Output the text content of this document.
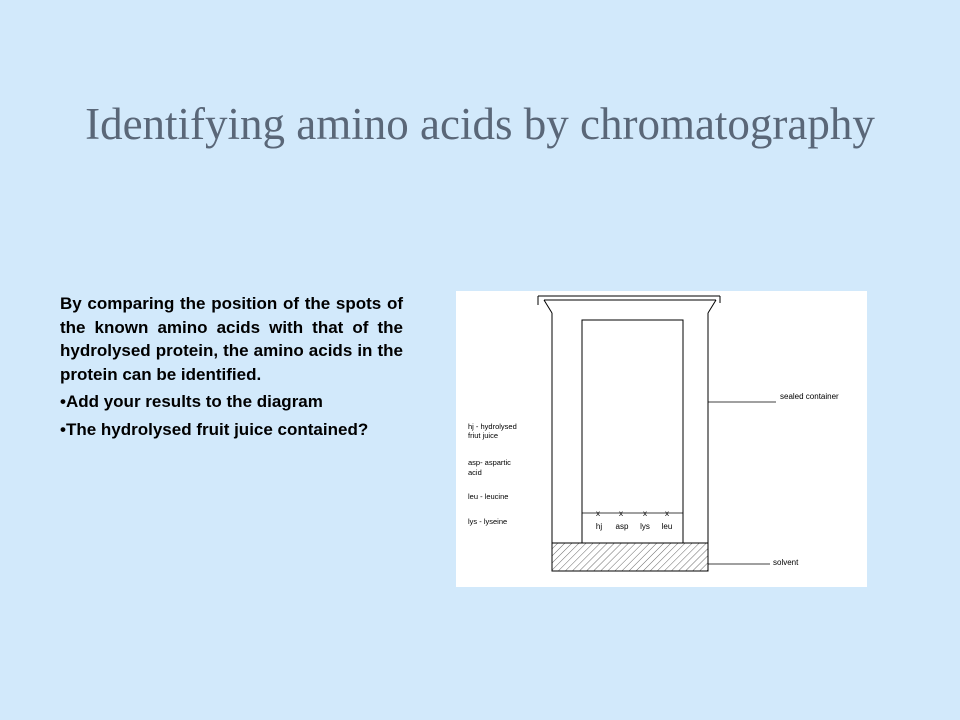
Identifying amino acids by chromatography

By comparing the position of the spots of the known amino acids with that of the hydrolysed protein, the amino acids in the protein can be identified.

•Add your results to the diagram
•The hydrolysed fruit juice contained?
x x	x x
hj asp lys leu
hj - hydrolysed
friut juice
asp- aspartic
acid
leu - leucine
lys - lyseine
sealed container
solvent
